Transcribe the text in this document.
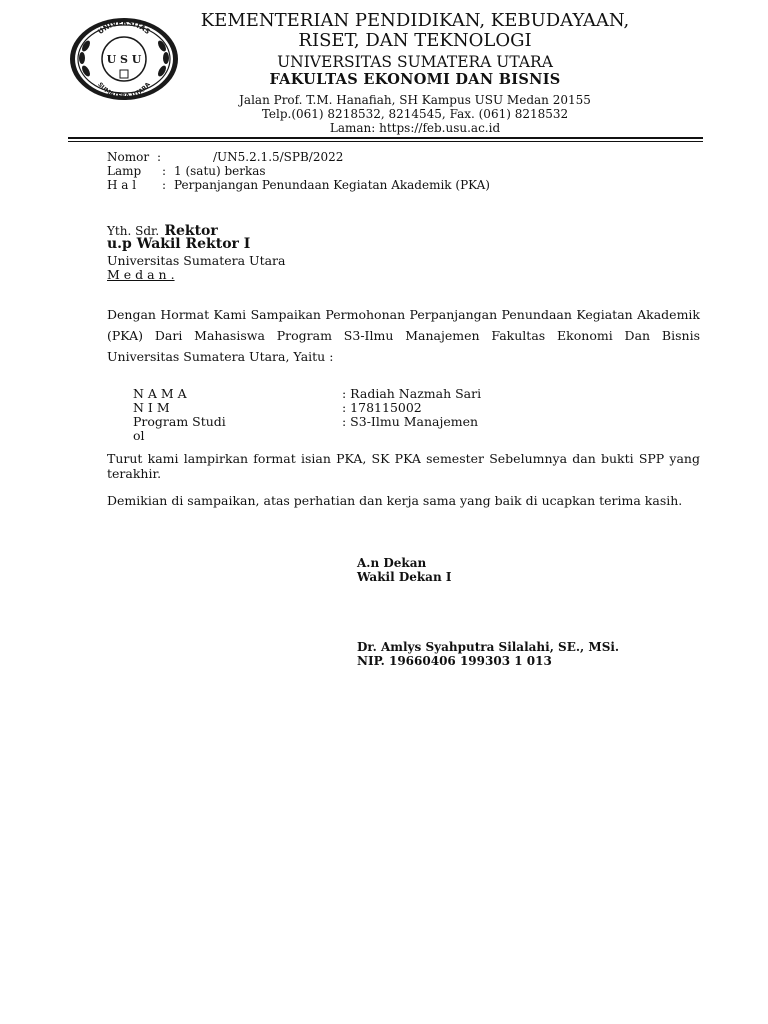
UNIVERSITAS
SUMATERA UTARA
U S U
KEMENTERIAN PENDIDIKAN, KEBUDAYAAN,
RISET, DAN TEKNOLOGI
UNIVERSITAS SUMATERA UTARA
FAKULTAS EKONOMI DAN BISNIS
Jalan Prof. T.M. Hanafiah, SH Kampus USU Medan 20155
Telp.(061) 8218532, 8214545, Fax. (061) 8218532
Laman: https://feb.usu.ac.id
Nomor :	/UN5.2.1.5/SPB/2022
Lamp : 1 (satu) berkas
H a l : Perpanjangan Penundaan Kegiatan Akademik (PKA)
Yth. Sdr. Rektor
u.p Wakil Rektor I
Universitas Sumatera Utara
M e d a n .
Dengan Hormat Kami Sampaikan Permohonan Perpanjangan Penundaan Kegiatan Akademik (PKA) Dari Mahasiswa Program S3-Ilmu Manajemen Fakultas Ekonomi Dan Bisnis Universitas Sumatera Utara, Yaitu :
N A M A	: Radiah Nazmah Sari
N I M	: 178115002
Program Studi	: S3-Ilmu Manajemen
ol
Turut kami lampirkan format isian PKA, SK PKA semester Sebelumnya dan bukti SPP yang terakhir.
Demikian di sampaikan, atas perhatian dan kerja sama yang baik di ucapkan terima kasih.
A.n Dekan
Wakil Dekan I
Dr. Amlys Syahputra Silalahi, SE., MSi.
NIP. 19660406 199303 1 013
